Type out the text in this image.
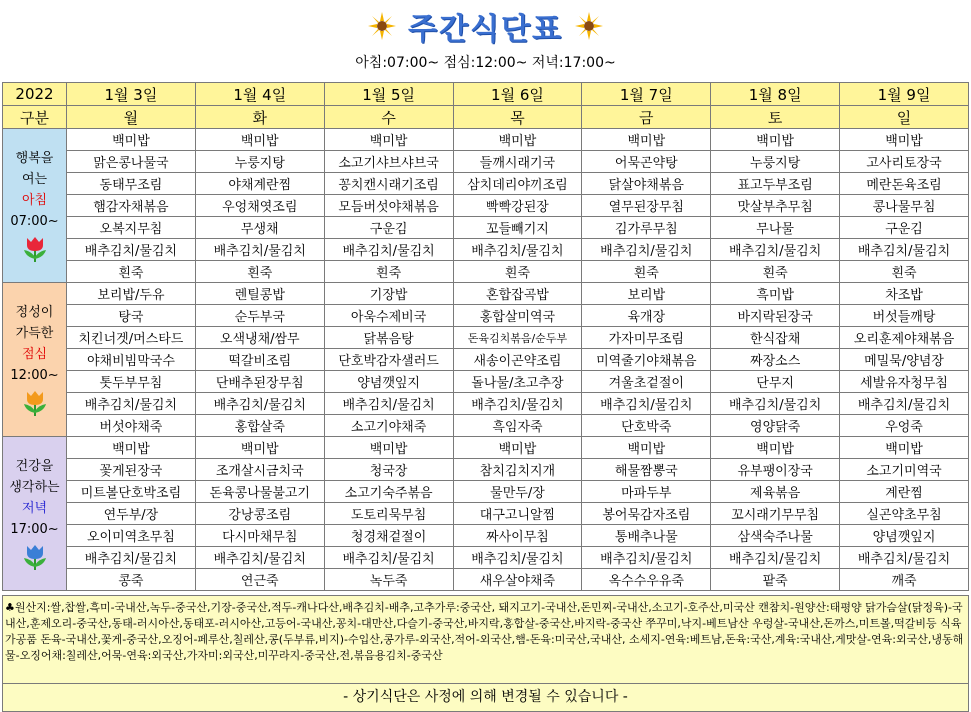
주간식단표
아침:07:00~ 점심:12:00~ 저녁:17:00~
2022	1월 3일	1월 4일	1월 5일	1월 6일	1월 7일	1월 8일	1월 9일
구분	월	화	수	목	금	토	일

행복을
여는
아침
07:00~	백미밥	백미밥	백미밥	백미밥	백미밥	백미밥	백미밥
	맑은콩나물국	누룽지탕	소고기샤브샤브국	들깨시래기국	어묵곤약탕	누룽지탕	고사리토장국
	동태무조림	야채계란찜	꽁치캔시래기조림	삼치데리야끼조림	닭살야채볶음	표고두부조림	메란돈육조림
	햄감자채볶음	우엉채엿조림	모듬버섯야채볶음	빡빡강된장	열무된장무침	맛살부추무침	콩나물무침
	오복지무침	무생채	구운김	꼬들빼기지	김가루무침	무나물	구운김
	배추김치/물김치	배추김치/물김치	배추김치/물김치	배추김치/물김치	배추김치/물김치	배추김치/물김치	배추김치/물김치
	흰죽	흰죽	흰죽	흰죽	흰죽	흰죽	흰죽

정성이
가득한
점심
12:00~	보리밥/두유	렌틸콩밥	기장밥	혼합잡곡밥	보리밥	흑미밥	차조밥
	탕국	순두부국	아욱수제비국	홍합살미역국	육개장	바지락된장국	버섯들깨탕
	치킨너겟/머스타드	오색냉채/쌈무	닭볶음탕	돈육김치볶음/순두부	가자미무조림	한식잡채	오리훈제야채볶음
	야채비빔막국수	떡갈비조림	단호박감자샐러드	새송이곤약조림	미역줄기야채볶음	짜장소스	메밀묵/양념장
	톳두부무침	단배추된장무침	양념깻잎지	돌나물/초고추장	겨울초겉절이	단무지	세발유자청무침
	배추김치/물김치	배추김치/물김치	배추김치/물김치	배추김치/물김치	배추김치/물김치	배추김치/물김치	배추김치/물김치
	버섯야채죽	홍합살죽	소고기야채죽	흑임자죽	단호박죽	영양닭죽	우엉죽

건강을
생각하는
저녁
17:00~	백미밥	백미밥	백미밥	백미밥	백미밥	백미밥	백미밥
	꽃게된장국	조개살시금치국	청국장	참치김치지개	해물짬뽕국	유부팽이장국	소고기미역국
	미트볼단호박조림	돈육콩나물불고기	소고기숙주볶음	물만두/장	마파두부	제육볶음	계란찜
	연두부/장	강낭콩조림	도토리묵무침	대구고니알찜	봉어묵감자조림	꼬시래기무무침	실곤약초무침
	오이미역초무침	다시마채무침	청경채겉절이	짜사이무침	통배추나물	삼색숙주나물	양념깻잎지
	배추김치/물김치	배추김치/물김치	배추김치/물김치	배추김치/물김치	배추김치/물김치	배추김치/물김치	배추김치/물김치
	콩죽	연근죽	녹두죽	새우살야채죽	옥수수우유죽	팥죽	깨죽
♣원산지:쌀,찹쌀,흑미-국내산,녹두-중국산,기장-중국산,적두-캐나다산,배추김치-배추,고추가루:중국산, 돼지고기-국내산,돈민찌-국내산,소고기-호주산,미국산 캔참치-원양산:태평양 닭가슴살(닭정육)-국내산,훈제오리-중국산,동태-러시아산,동태포-러시아산,고등어-국내산,꽁치-대만산,다슬기-중국산,바지락,홍합살-중국산,바지락-중국산 쭈꾸미,낙지-베트남산 우렁살-국내산,돈까스,미트볼,떡갈비등 식육가공품 돈육-국내산,꽃게-중국산,오징어-페루산,칠레산,콩(두부류,비지)-수입산,콩가루-외국산,적어-외국산,햄-돈육:미국산,국내산, 소세지-연육:베트남,돈육:국산,계육:국내산,게맛살-연육:외국산,냉동해물-오징어채:칠레산,어묵-연육:외국산,가자미:외국산,미꾸라지-중국산,전,볶음용김치-중국산
- 상기식단은 사정에 의해 변경될 수 있습니다 -
